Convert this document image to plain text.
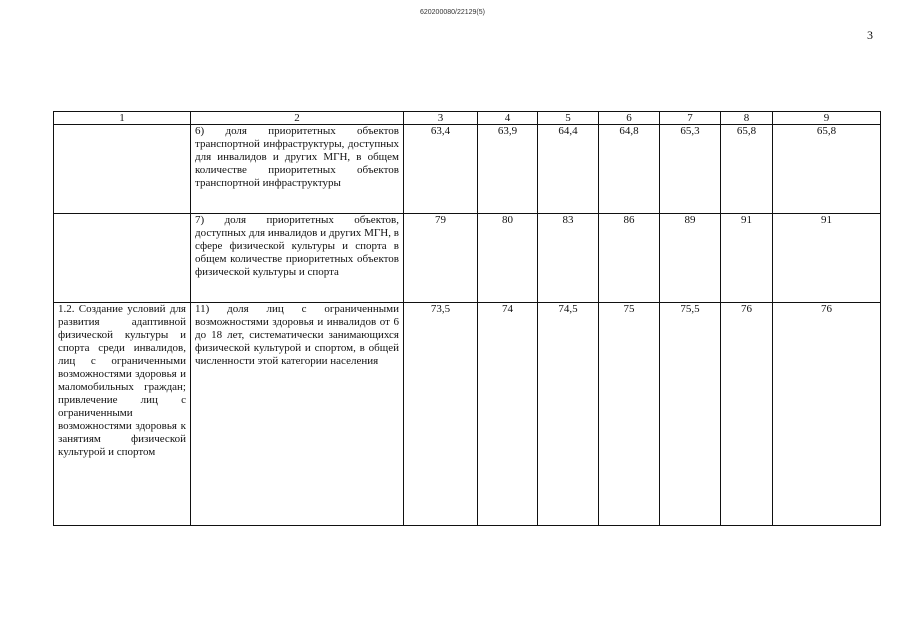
620200080/22129(5)
3
1	2	3	4	5	6	7	8	9
	6) доля приоритетных объектов транспортной инфраструктуры, доступных для инвалидов и других МГН, в общем количестве приоритетных объектов транспортной инфраструктуры	63,4	63,9	64,4	64,8	65,3	65,8	65,8
	7) доля приоритетных объектов, доступных для инвалидов и других МГН, в сфере физической культуры и спорта в общем количестве приоритетных объектов физической культуры и спорта	79	80	83	86	89	91	91
1.2. Создание условий для развития адаптивной физической культуры и спорта среди инвалидов, лиц с ограниченными возможностями здоровья и маломобильных граждан; привлечение лиц с ограниченными возможностями здоровья к занятиям физической культурой и спортом	11) доля лиц с ограниченными возможностями здоровья и инвалидов от 6 до 18 лет, систематически занимающихся физической культурой и спортом, в общей численности этой категории населения	73,5	74	74,5	75	75,5	76	76
